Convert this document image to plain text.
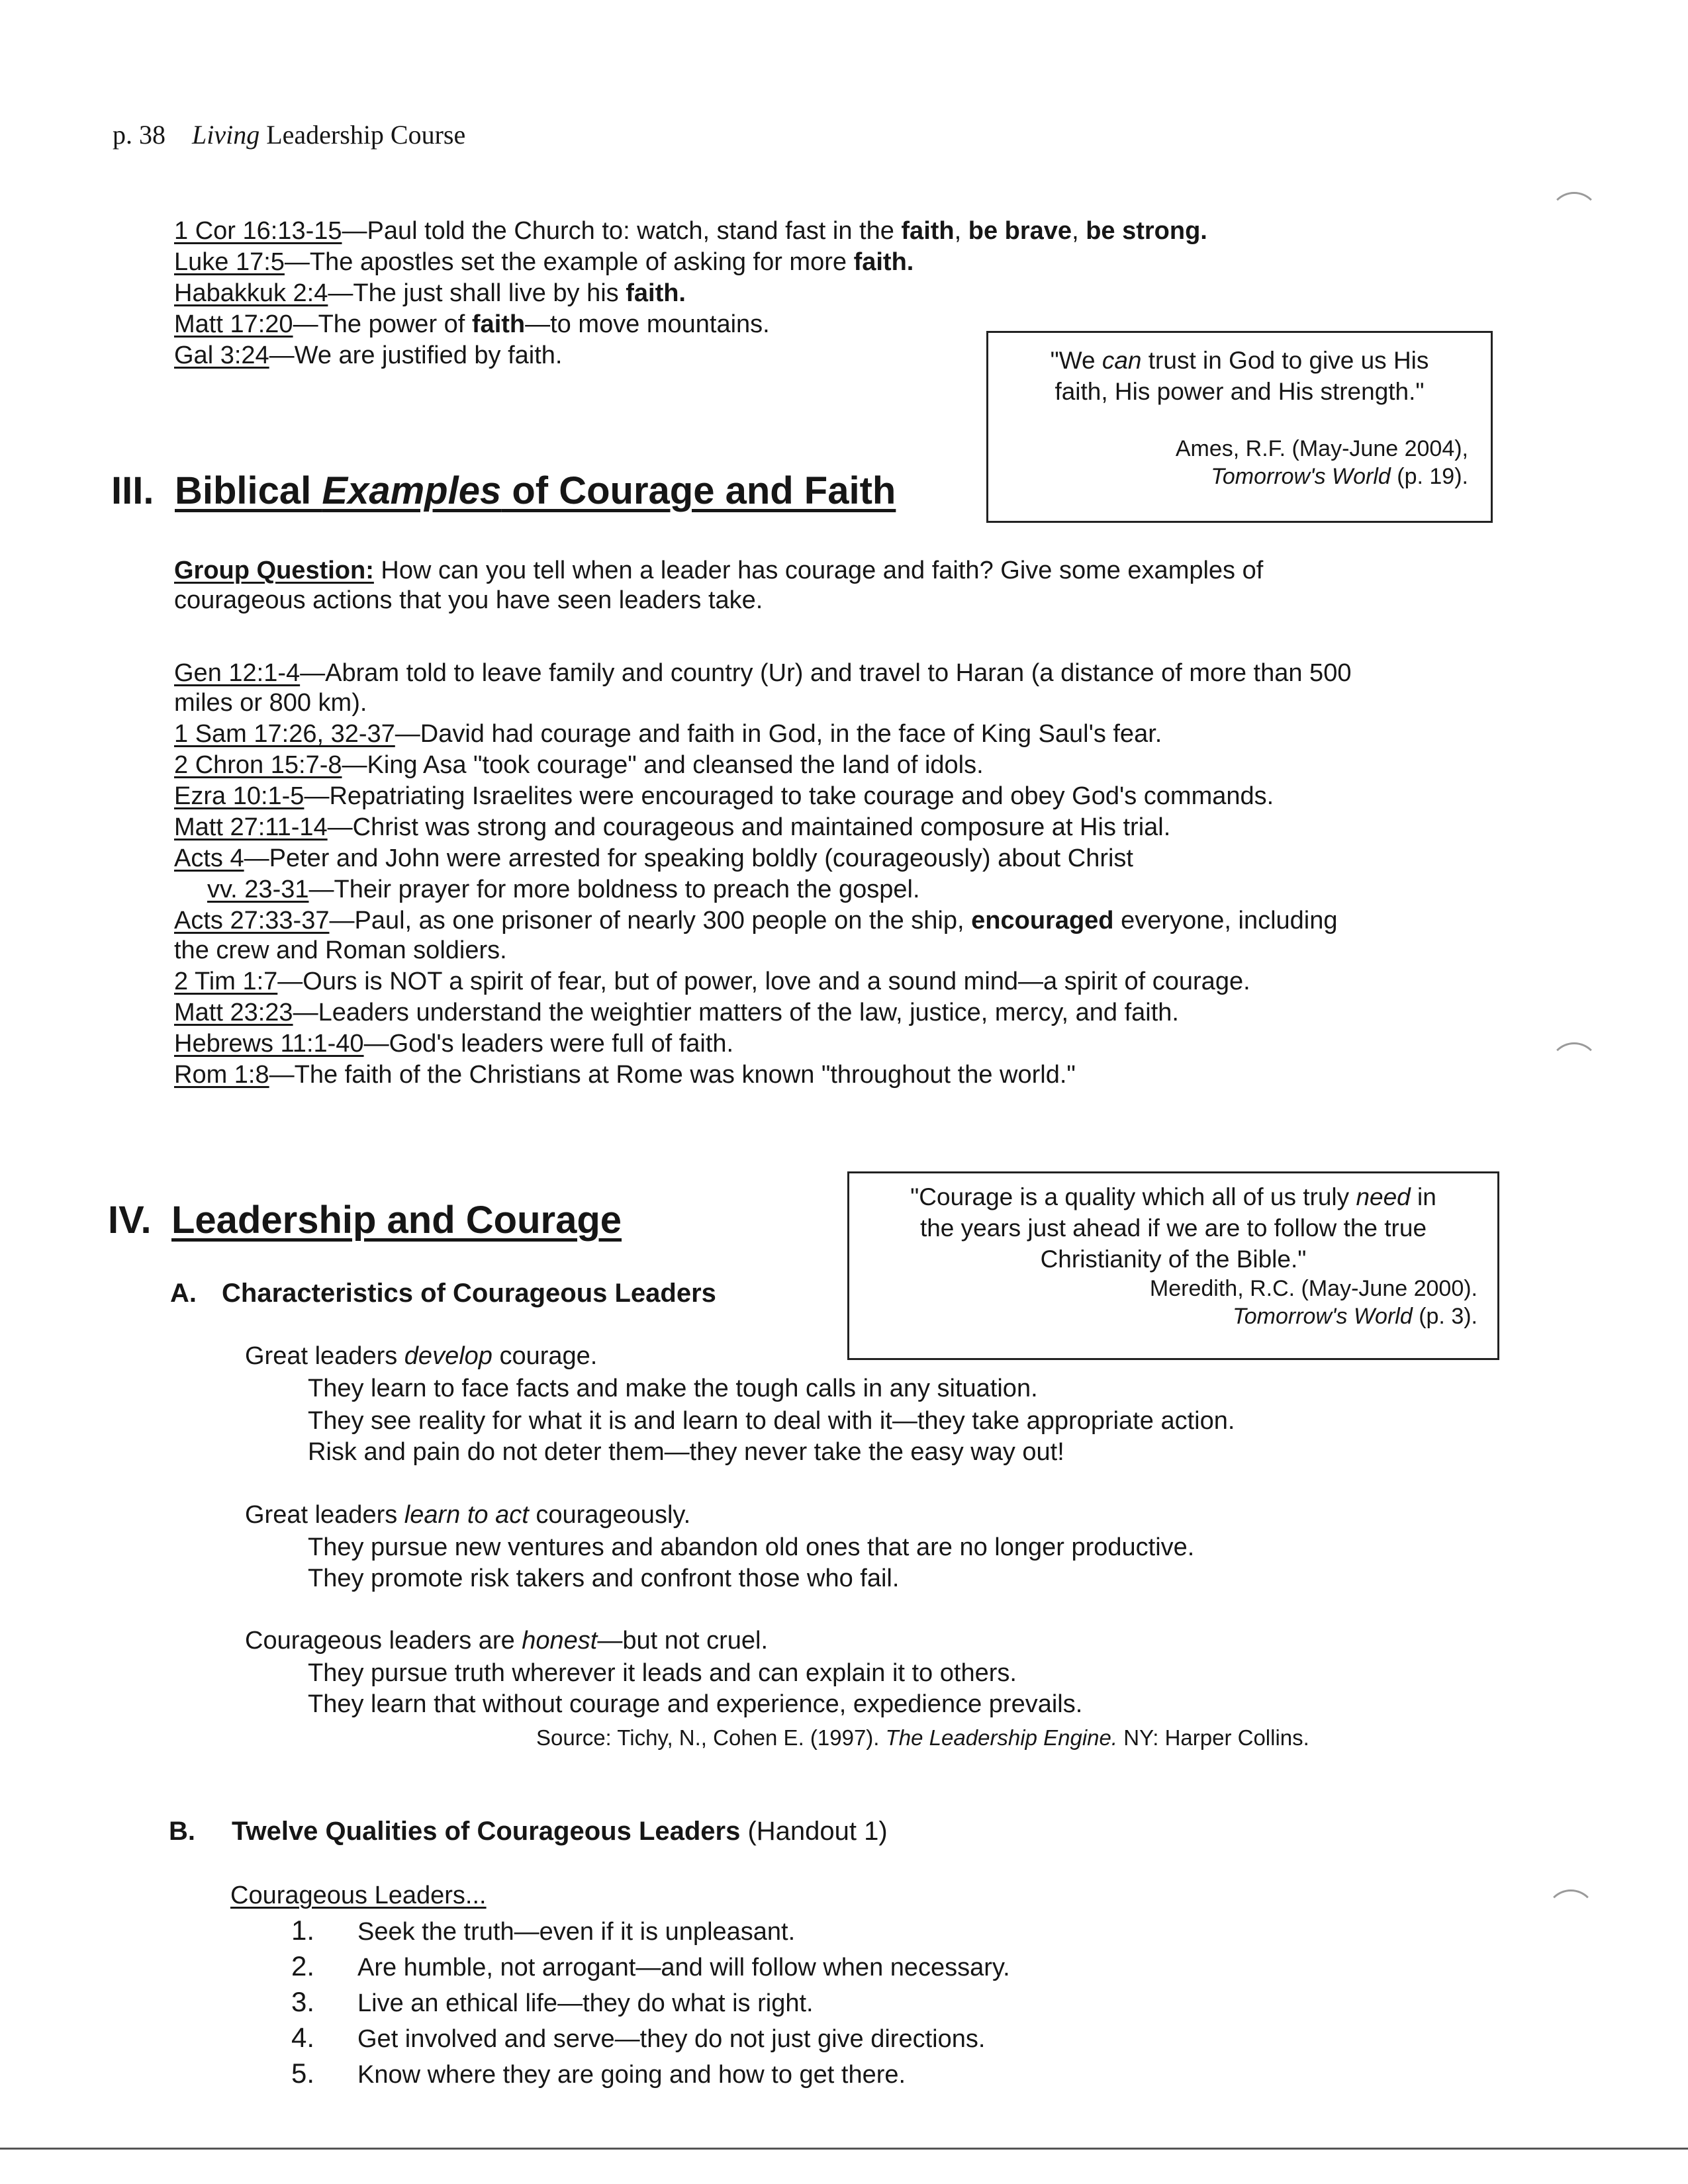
p. 38 Living Leadership Course
1 Cor 16:13-15—Paul told the Church to: watch, stand fast in the faith, be brave, be strong.
Luke 17:5—The apostles set the example of asking for more faith.
Habakkuk 2:4—The just shall live by his faith.
Matt 17:20—The power of faith—to move mountains.
Gal 3:24—We are justified by faith.	"We can trust in God to give us His
faith, His power and His strength."
Ames, R.F. (May-June 2004),
Tomorrow's World (p. 19).
III. Biblical Examples of Courage and Faith
Group Question: How can you tell when a leader has courage and faith? Give some examples of
courageous actions that you have seen leaders take.
Gen 12:1-4—Abram told to leave family and country (Ur) and travel to Haran (a distance of more than 500
miles or 800 km).
1 Sam 17:26, 32-37—David had courage and faith in God, in the face of King Saul's fear.
2 Chron 15:7-8—King Asa "took courage" and cleansed the land of idols.
Ezra 10:1-5—Repatriating Israelites were encouraged to take courage and obey God's commands.
Matt 27:11-14—Christ was strong and courageous and maintained composure at His trial.
Acts 4—Peter and John were arrested for speaking boldly (courageously) about Christ
vv. 23-31—Their prayer for more boldness to preach the gospel.
Acts 27:33-37—Paul, as one prisoner of nearly 300 people on the ship, encouraged everyone, including
the crew and Roman soldiers.
2 Tim 1:7—Ours is NOT a spirit of fear, but of power, love and a sound mind—a spirit of courage.
Matt 23:23—Leaders understand the weightier matters of the law, justice, mercy, and faith.
Hebrews 11:1-40—God's leaders were full of faith.
Rom 1:8—The faith of the Christians at Rome was known "throughout the world."
IV. Leadership and Courage
"Courage is a quality which all of us truly need in
the years just ahead if we are to follow the true
Christianity of the Bible."
Meredith, R.C. (May-June 2000).
Tomorrow's World (p. 3).
A. Characteristics of Courageous Leaders
Great leaders develop courage.
They learn to face facts and make the tough calls in any situation.
They see reality for what it is and learn to deal with it—they take appropriate action.
Risk and pain do not deter them—they never take the easy way out!
Great leaders learn to act courageously.
They pursue new ventures and abandon old ones that are no longer productive.
They promote risk takers and confront those who fail.
Courageous leaders are honest—but not cruel.
They pursue truth wherever it leads and can explain it to others.
They learn that without courage and experience, expedience prevails.
Source: Tichy, N., Cohen E. (1997). The Leadership Engine. NY: Harper Collins.
B. Twelve Qualities of Courageous Leaders (Handout 1)
Courageous Leaders...
1. Seek the truth—even if it is unpleasant.
2. Are humble, not arrogant—and will follow when necessary.
3. Live an ethical life—they do what is right.
4. Get involved and serve—they do not just give directions.
5. Know where they are going and how to get there.
